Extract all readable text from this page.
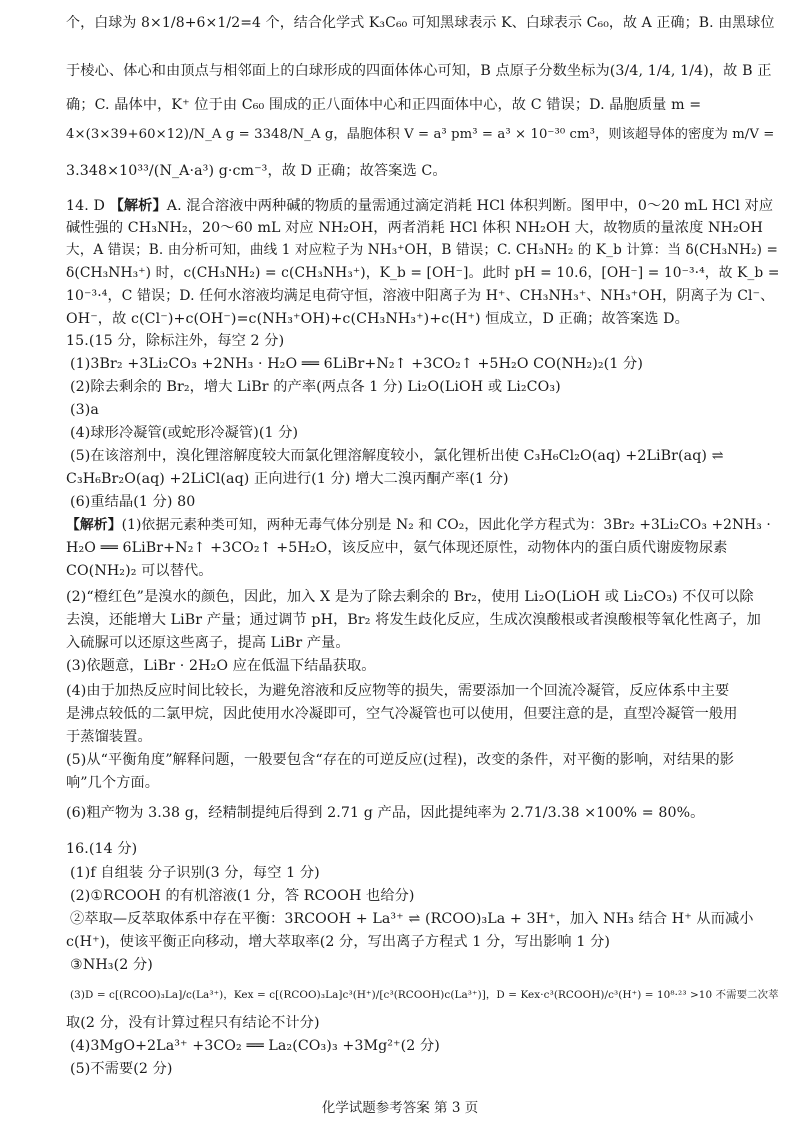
个，白球为 8×1/8+6×1/2=4 个，结合化学式 K₃C₆₀ 可知黑球表示 K、白球表示 C₆₀，故 A 正确；B. 由黑球位
于棱心、体心和由顶点与相邻面上的白球形成的四面体体心可知，B 点原子分数坐标为(3/4, 1/4, 1/4)，故 B 正
确；C. 晶体中，K⁺ 位于由 C₆₀ 围成的正八面体中心和正四面体中心，故 C 错误；D. 晶胞质量 m =
4×(3×39+60×12)/N_A g = 3348/N_A g，晶胞体积 V = a³ pm³ = a³ × 10⁻³⁰ cm³，则该超导体的密度为 m/V =
3.348×10³³/(N_A·a³) g·cm⁻³，故 D 正确；故答案选 C。
14. D 【解析】A. 混合溶液中两种碱的物质的量需通过滴定消耗 HCl 体积判断。图甲中，0～20 mL HCl 对应
碱性强的 CH₃NH₂，20～60 mL 对应 NH₂OH，两者消耗 HCl 体积 NH₂OH 大，故物质的量浓度 NH₂OH
大，A 错误；B. 由分析可知，曲线 1 对应粒子为 NH₃⁺OH，B 错误；C. CH₃NH₂ 的 K_b 计算：当 δ(CH₃NH₂) =
δ(CH₃NH₃⁺) 时，c(CH₃NH₂) = c(CH₃NH₃⁺)，K_b = [OH⁻]。此时 pH = 10.6，[OH⁻] = 10⁻³·⁴，故 K_b =
10⁻³·⁴，C 错误；D. 任何水溶液均满足电荷守恒，溶液中阳离子为 H⁺、CH₃NH₃⁺、NH₃⁺OH，阴离子为 Cl⁻、
OH⁻，故 c(Cl⁻)+c(OH⁻)=c(NH₃⁺OH)+c(CH₃NH₃⁺)+c(H⁺) 恒成立，D 正确；故答案选 D。
15.(15 分，除标注外，每空 2 分)
(1)3Br₂ +3Li₂CO₃ +2NH₃ · H₂O ══ 6LiBr+N₂↑ +3CO₂↑ +5H₂O CO(NH₂)₂(1 分)
(2)除去剩余的 Br₂，增大 LiBr 的产率(两点各 1 分) Li₂O(LiOH 或 Li₂CO₃)
(3)a
(4)球形冷凝管(或蛇形冷凝管)(1 分)
(5)在该溶剂中，溴化锂溶解度较大而氯化锂溶解度较小，氯化锂析出使 C₃H₆Cl₂O(aq) +2LiBr(aq) ⇌
C₃H₆Br₂O(aq) +2LiCl(aq) 正向进行(1 分) 增大二溴丙酮产率(1 分)
(6)重结晶(1 分) 80
【解析】(1)依据元素种类可知，两种无毒气体分别是 N₂ 和 CO₂，因此化学方程式为：3Br₂ +3Li₂CO₃ +2NH₃ ·
H₂O ══ 6LiBr+N₂↑ +3CO₂↑ +5H₂O，该反应中，氨气体现还原性，动物体内的蛋白质代谢废物尿素
CO(NH₂)₂ 可以替代。
(2)“橙红色”是溴水的颜色，因此，加入 X 是为了除去剩余的 Br₂，使用 Li₂O(LiOH 或 Li₂CO₃) 不仅可以除
去溴，还能增大 LiBr 产量；通过调节 pH，Br₂ 将发生歧化反应，生成次溴酸根或者溴酸根等氧化性离子，加
入硫脲可以还原这些离子，提高 LiBr 产量。
(3)依题意，LiBr · 2H₂O 应在低温下结晶获取。
(4)由于加热反应时间比较长，为避免溶液和反应物等的损失，需要添加一个回流冷凝管，反应体系中主要
是沸点较低的二氯甲烷，因此使用水冷凝即可，空气冷凝管也可以使用，但要注意的是，直型冷凝管一般用
于蒸馏装置。
(5)从“平衡角度”解释问题，一般要包含“存在的可逆反应(过程)，改变的条件，对平衡的影响，对结果的影
响”几个方面。
(6)粗产物为 3.38 g，经精制提纯后得到 2.71 g 产品，因此提纯率为 2.71/3.38 ×100% = 80%。
16.(14 分)
(1)f 自组装 分子识别(3 分，每空 1 分)
(2)①RCOOH 的有机溶液(1 分，答 RCOOH 也给分)
②萃取—反萃取体系中存在平衡：3RCOOH + La³⁺ ⇌ (RCOO)₃La + 3H⁺，加入 NH₃ 结合 H⁺ 从而减小
c(H⁺)，使该平衡正向移动，增大萃取率(2 分，写出离子方程式 1 分，写出影响 1 分)
③NH₃(2 分)
(3)D = c[(RCOO)₃La]/c(La³⁺)，Kex = c[(RCOO)₃La]c³(H⁺)/[c³(RCOOH)c(La³⁺)]，D = Kex·c³(RCOOH)/c³(H⁺) = 10⁸·²³ >10 不需要二次萃
取(2 分，没有计算过程只有结论不计分)
(4)3MgO+2La³⁺ +3CO₂ ══ La₂(CO₃)₃ +3Mg²⁺(2 分)
(5)不需要(2 分)
化学试题参考答案 第 3 页
